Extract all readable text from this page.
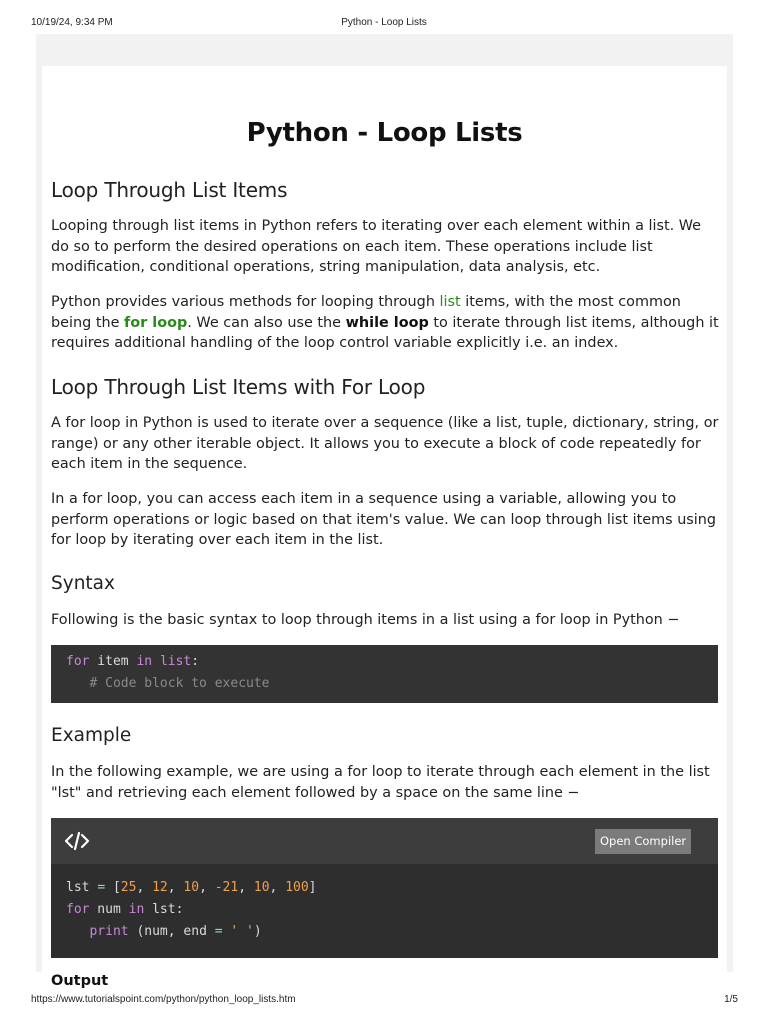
10/19/24, 9:34 PM	Python - Loop Lists
Python - Loop Lists
Loop Through List Items

Looping through list items in Python refers to iterating over each element within a list. We do so to perform the desired operations on each item. These operations include list modification, conditional operations, string manipulation, data analysis, etc.

Python provides various methods for looping through list items, with the most common being the for loop. We can also use the while loop to iterate through list items, although it requires additional handling of the loop control variable explicitly i.e. an index.

Loop Through List Items with For Loop

A for loop in Python is used to iterate over a sequence (like a list, tuple, dictionary, string, or range) or any other iterable object. It allows you to execute a block of code repeatedly for each item in the sequence.

In a for loop, you can access each item in a sequence using a variable, allowing you to perform operations or logic based on that item's value. We can loop through list items using for loop by iterating over each item in the list.

Syntax

Following is the basic syntax to loop through items in a list using a for loop in Python −

for item in list:
# Code block to execute
Example

In the following example, we are using a for loop to iterate through each element in the list "lst" and retrieving each element followed by a space on the same line −

Open Compiler
lst = [25, 12, 10, -21, 10, 100]
for num in lst:
print (num, end = ' ')
Output
https://www.tutorialspoint.com/python/python_loop_lists.htm	1/5
